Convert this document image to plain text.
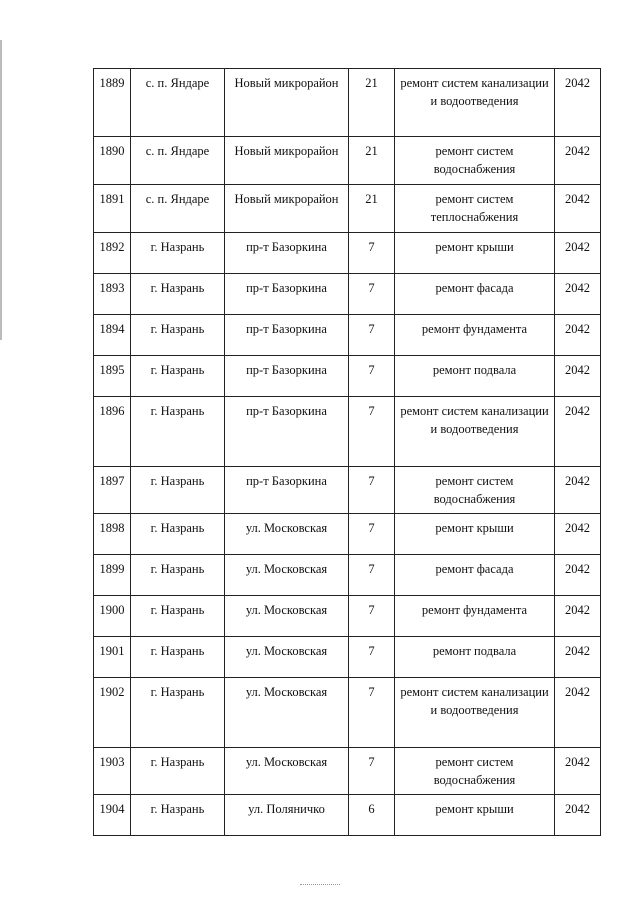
1889	с. п. Яндаре	Новый микрорайон	21	ремонт систем канализации и водоотведения	2042
1890	с. п. Яндаре	Новый микрорайон	21	ремонт систем водоснабжения	2042
1891	с. п. Яндаре	Новый микрорайон	21	ремонт систем теплоснабжения	2042
1892	г. Назрань	пр-т Базоркина	7	ремонт крыши	2042
1893	г. Назрань	пр-т Базоркина	7	ремонт фасада	2042
1894	г. Назрань	пр-т Базоркина	7	ремонт фундамента	2042
1895	г. Назрань	пр-т Базоркина	7	ремонт подвала	2042
1896	г. Назрань	пр-т Базоркина	7	ремонт систем канализации и водоотведения	2042
1897	г. Назрань	пр-т Базоркина	7	ремонт систем водоснабжения	2042
1898	г. Назрань	ул. Московская	7	ремонт крыши	2042
1899	г. Назрань	ул. Московская	7	ремонт фасада	2042
1900	г. Назрань	ул. Московская	7	ремонт фундамента	2042
1901	г. Назрань	ул. Московская	7	ремонт подвала	2042
1902	г. Назрань	ул. Московская	7	ремонт систем канализации и водоотведения	2042
1903	г. Назрань	ул. Московская	7	ремонт систем водоснабжения	2042
1904	г. Назрань	ул. Поляничко	6	ремонт крыши	2042
